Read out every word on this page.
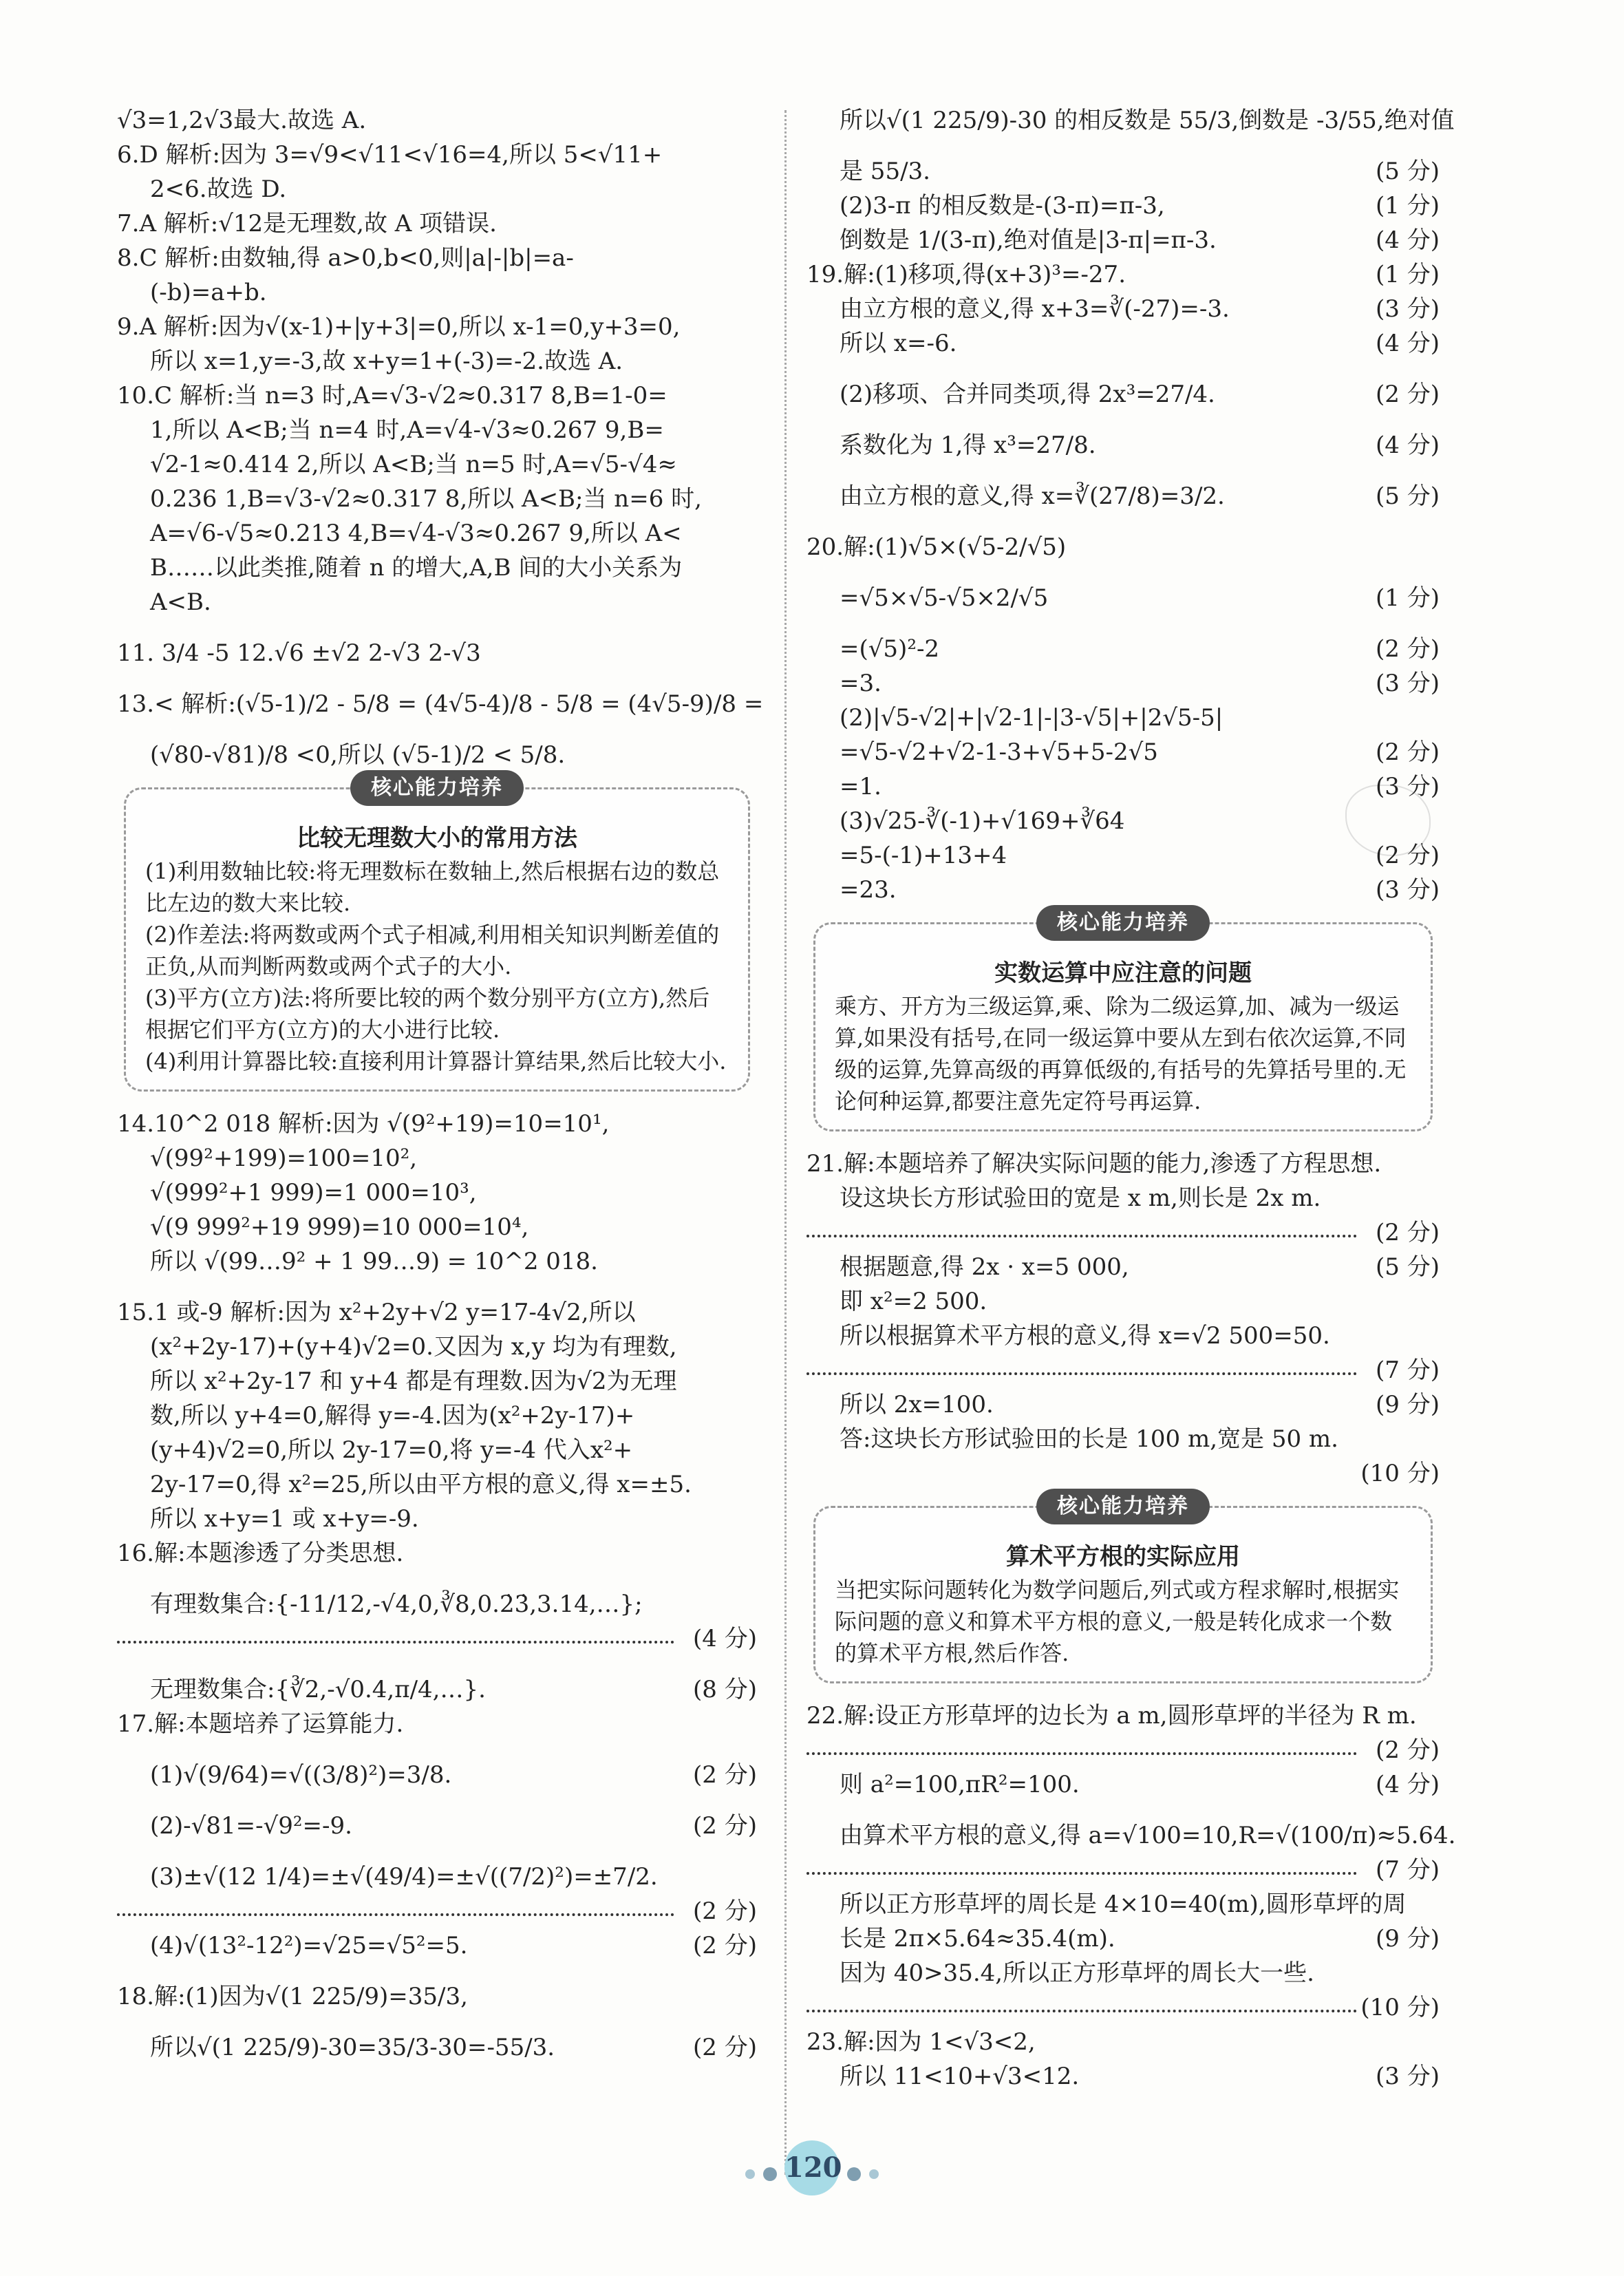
√3=1,2√3最大.故选 A.
6.D 解析:因为 3=√9<√11<√16=4,所以 5<√11+
2<6.故选 D.
7.A 解析:√12是无理数,故 A 项错误.
8.C 解析:由数轴,得 a>0,b<0,则|a|-|b|=a-
(-b)=a+b.
9.A 解析:因为√(x-1)+|y+3|=0,所以 x-1=0,y+3=0,
所以 x=1,y=-3,故 x+y=1+(-3)=-2.故选 A.
10.C 解析:当 n=3 时,A=√3-√2≈0.317 8,B=1-0=
1,所以 A<B;当 n=4 时,A=√4-√3≈0.267 9,B=
√2-1≈0.414 2,所以 A<B;当 n=5 时,A=√5-√4≈
0.236 1,B=√3-√2≈0.317 8,所以 A<B;当 n=6 时,
A=√6-√5≈0.213 4,B=√4-√3≈0.267 9,所以 A<
B……以此类推,随着 n 的增大,A,B 间的大小关系为
A<B.
11. 3/4 -5 12.√6 ±√2 2-√3 2-√3
13.< 解析:(√5-1)/2 - 5/8 = (4√5-4)/8 - 5/8 = (4√5-9)/8 =
(√80-√81)/8 <0,所以 (√5-1)/2 < 5/8.
核心能力培养
比较无理数大小的常用方法
(1)利用数轴比较:将无理数标在数轴上,然后根据右边的数总比左边的数大来比较.
(2)作差法:将两数或两个式子相减,利用相关知识判断差值的正负,从而判断两数或两个式子的大小.
(3)平方(立方)法:将所要比较的两个数分别平方(立方),然后根据它们平方(立方)的大小进行比较.
(4)利用计算器比较:直接利用计算器计算结果,然后比较大小.
14.10^2 018 解析:因为 √(9²+19)=10=10¹,
√(99²+199)=100=10²,
√(999²+1 999)=1 000=10³,
√(9 999²+19 999)=10 000=10⁴,
所以 √(99…9² + 1 99…9) = 10^2 018.
15.1 或-9 解析:因为 x²+2y+√2 y=17-4√2,所以
(x²+2y-17)+(y+4)√2=0.又因为 x,y 均为有理数,
所以 x²+2y-17 和 y+4 都是有理数.因为√2为无理
数,所以 y+4=0,解得 y=-4.因为(x²+2y-17)+
(y+4)√2=0,所以 2y-17=0,将 y=-4 代入x²+
2y-17=0,得 x²=25,所以由平方根的意义,得 x=±5.
所以 x+y=1 或 x+y=-9.
16.解:本题渗透了分类思想.
有理数集合:{-11/12,-√4,0,∛8,0.2̇3̇,3.14,…};
(4 分)
无理数集合:{∛2,-√0.4,π/4,…}.	(8 分)
17.解:本题培养了运算能力.
(1)√(9/64)=√((3/8)²)=3/8.	(2 分)
(2)-√81=-√9²=-9.	(2 分)
(3)±√(12 1/4)=±√(49/4)=±√((7/2)²)=±7/2.
(2 分)
(4)√(13²-12²)=√25=√5²=5.	(2 分)
18.解:(1)因为√(1 225/9)=35/3,
所以√(1 225/9)-30=35/3-30=-55/3.	(2 分)
所以√(1 225/9)-30 的相反数是 55/3,倒数是 -3/55,绝对值
是 55/3.	(5 分)
(2)3-π 的相反数是-(3-π)=π-3,	(1 分)
倒数是 1/(3-π),绝对值是|3-π|=π-3.	(4 分)
19.解:(1)移项,得(x+3)³=-27.	(1 分)
由立方根的意义,得 x+3=∛(-27)=-3.	(3 分)
所以 x=-6.	(4 分)
(2)移项、合并同类项,得 2x³=27/4.	(2 分)
系数化为 1,得 x³=27/8.	(4 分)
由立方根的意义,得 x=∛(27/8)=3/2.	(5 分)
20.解:(1)√5×(√5-2/√5)
=√5×√5-√5×2/√5	(1 分)
=(√5)²-2	(2 分)
=3.	(3 分)
(2)|√5-√2|+|√2-1|-|3-√5|+|2√5-5|
=√5-√2+√2-1-3+√5+5-2√5	(2 分)
=1.	(3 分)
(3)√25-∛(-1)+√169+∛64
=5-(-1)+13+4	(2 分)
=23.	(3 分)
核心能力培养
实数运算中应注意的问题
乘方、开方为三级运算,乘、除为二级运算,加、减为一级运算,如果没有括号,在同一级运算中要从左到右依次运算,不同级的运算,先算高级的再算低级的,有括号的先算括号里的.无论何种运算,都要注意先定符号再运算.
21.解:本题培养了解决实际问题的能力,渗透了方程思想.
设这块长方形试验田的宽是 x m,则长是 2x m.
(2 分)
根据题意,得 2x · x=5 000,	(5 分)
即 x²=2 500.
所以根据算术平方根的意义,得 x=√2 500=50.
(7 分)
所以 2x=100.	(9 分)
答:这块长方形试验田的长是 100 m,宽是 50 m.
(10 分)
核心能力培养
算术平方根的实际应用
当把实际问题转化为数学问题后,列式或方程求解时,根据实际问题的意义和算术平方根的意义,一般是转化成求一个数的算术平方根,然后作答.
22.解:设正方形草坪的边长为 a m,圆形草坪的半径为 R m.
(2 分)
则 a²=100,πR²=100.	(4 分)
由算术平方根的意义,得 a=√100=10,R=√(100/π)≈5.64.
(7 分)
所以正方形草坪的周长是 4×10=40(m),圆形草坪的周
长是 2π×5.64≈35.4(m).	(9 分)
因为 40>35.4,所以正方形草坪的周长大一些.
(10 分)
23.解:因为 1<√3<2,
所以 11<10+√3<12.	(3 分)
120
